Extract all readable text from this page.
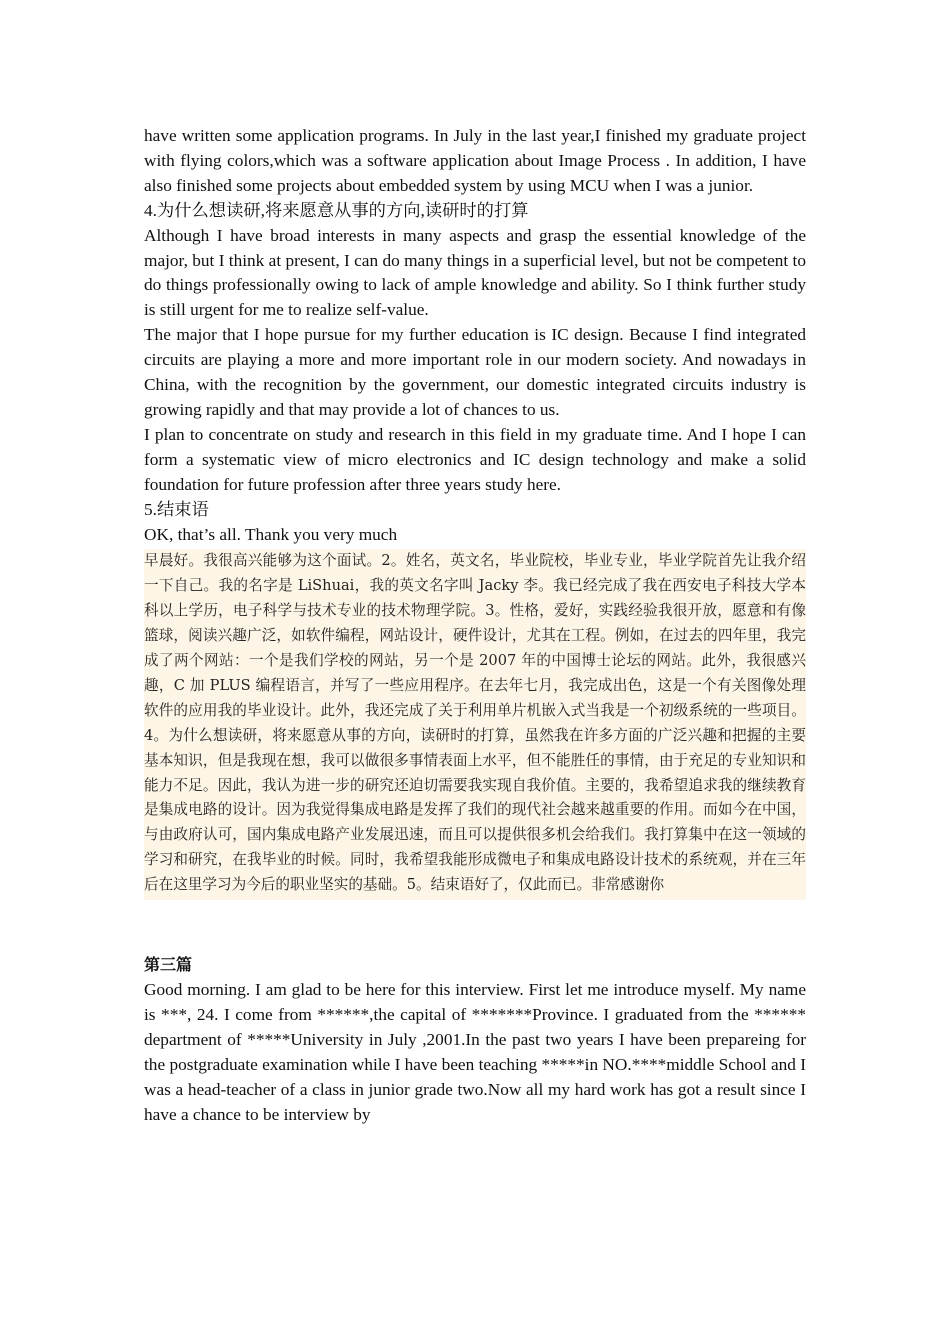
have written some application programs. In July in the last year,I finished my graduate project with flying colors,which was a software application about Image Process . In addition, I have also finished some projects about embedded system by using MCU when I was a junior.

4.为什么想读研,将来愿意从事的方向,读研时的打算

Although I have broad interests in many aspects and grasp the essential knowledge of the major, but I think at present, I can do many things in a superficial level, but not be competent to do things professionally owing to lack of ample knowledge and ability. So I think further study is still urgent for me to realize self-value.

The major that I hope pursue for my further education is IC design. Because I find integrated circuits are playing a more and more important role in our modern society. And nowadays in China, with the recognition by the government, our domestic integrated circuits industry is growing rapidly and that may provide a lot of chances to us.

I plan to concentrate on study and research in this field in my graduate time. And I hope I can form a systematic view of micro electronics and IC design technology and make a solid foundation for future profession after three years study here.

5.结束语

OK, that’s all. Thank you very much

早晨好。我很高兴能够为这个面试。2。姓名，英文名，毕业院校，毕业专业，毕业学院首先让我介绍一下自己。我的名字是 LiShuai，我的英文名字叫 Jacky 李。我已经完成了我在西安电子科技大学本科以上学历，电子科学与技术专业的技术物理学院。3。性格，爱好，实践经验我很开放，愿意和有像篮球，阅读兴趣广泛，如软件编程，网站设计，硬件设计，尤其在工程。例如，在过去的四年里，我完成了两个网站：一个是我们学校的网站，另一个是 2007 年的中国博士论坛的网站。此外，我很感兴趣，C 加 PLUS 编程语言，并写了一些应用程序。在去年七月，我完成出色，这是一个有关图像处理软件的应用我的毕业设计。此外，我还完成了关于利用单片机嵌入式当我是一个初级系统的一些项目。 4。为什么想读研，将来愿意从事的方向，读研时的打算，虽然我在许多方面的广泛兴趣和把握的主要基本知识，但是我现在想，我可以做很多事情表面上水平，但不能胜任的事情，由于充足的专业知识和能力不足。因此，我认为进一步的研究还迫切需要我实现自我价值。主要的，我希望追求我的继续教育是集成电路的设计。因为我觉得集成电路是发挥了我们的现代社会越来越重要的作用。而如今在中国，与由政府认可，国内集成电路产业发展迅速，而且可以提供很多机会给我们。我打算集中在这一领域的学习和研究，在我毕业的时候。同时，我希望我能形成微电子和集成电路设计技术的系统观，并在三年后在这里学习为今后的职业坚实的基础。5。结束语好了，仅此而已。非常感谢你
第三篇

Good morning. I am glad to be here for this interview. First let me introduce myself. My name is ***, 24. I come from ******,the capital of *******Province. I graduated from the ****** department of *****University in July ,2001.In the past two years I have been prepareing for the postgraduate examination while I have been teaching *****in NO.****middle School and I was a head-teacher of a class in junior grade two.Now all my hard work has got a result since I have a chance to be interview by
